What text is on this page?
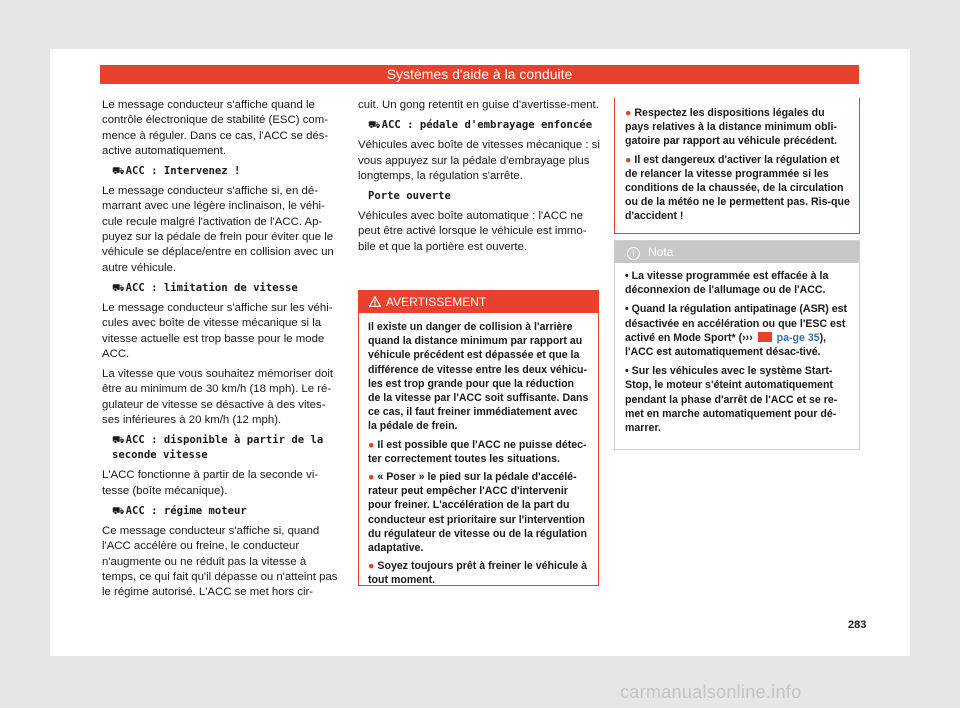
Systèmes d'aide à la conduite

Le message conducteur s'affiche quand le contrôle électronique de stabilité (ESC) com-mence à réguler. Dans ce cas, l'ACC se dés-active automatiquement.

⛟ACC : Intervenez !

Le message conducteur s'affiche si, en dé-marrant avec une légère inclinaison, le véhi-cule recule malgré l'activation de l'ACC. Ap-puyez sur la pédale de frein pour éviter que le véhicule se déplace/entre en collision avec un autre véhicule.

⛟ACC : limitation de vitesse

Le message conducteur s'affiche sur les véhi-cules avec boîte de vitesse mécanique si la vitesse actuelle est trop basse pour le mode ACC.

La vitesse que vous souhaitez mémoriser doit être au minimum de 30 km/h (18 mph). Le ré-gulateur de vitesse se désactive à des vites-ses inférieures à 20 km/h (12 mph).

⛟ACC : disponible à partir de la seconde vitesse

L'ACC fonctionne à partir de la seconde vi-tesse (boîte mécanique).

⛟ACC : régime moteur

Ce message conducteur s'affiche si, quand l'ACC accélère ou freine, le conducteur n'augmente ou ne réduit pas la vitesse à temps, ce qui fait qu'il dépasse ou n'atteint pas le régime autorisé. L'ACC se met hors cir-

cuit. Un gong retentit en guise d'avertisse-ment.

⛟ACC : pédale d'embrayage enfoncée

Véhicules avec boîte de vitesses mécanique : si vous appuyez sur la pédale d'embrayage plus longtemps, la régulation s'arrête.

Porte ouverte

Véhicules avec boîte automatique : l'ACC ne peut être activé lorsque le véhicule est immo-bile et que la portière est ouverte.

AVERTISSEMENT

Il existe un danger de collision à l'arrière quand la distance minimum par rapport au véhicule précédent est dépassée et que la différence de vitesse entre les deux véhicu-les est trop grande pour que la réduction de la vitesse par l'ACC soit suffisante. Dans ce cas, il faut freiner immédiatement avec la pédale de frein.

● Il est possible que l'ACC ne puisse détec-ter correctement toutes les situations.

● « Poser » le pied sur la pédale d'accélé-rateur peut empêcher l'ACC d'intervenir pour freiner. L'accélération de la part du conducteur est prioritaire sur l'intervention du régulateur de vitesse ou de la régulation adaptative.

● Soyez toujours prêt à freiner le véhicule à tout moment.

● Respectez les dispositions légales du pays relatives à la distance minimum obli-gatoire par rapport au véhicule précédent.

● Il est dangereux d'activer la régulation et de relancer la vitesse programmée si les conditions de la chaussée, de la circulation ou de la météo ne le permettent pas. Ris-que d'accident !

i Nota

• La vitesse programmée est effacée à la déconnexion de l'allumage ou de l'ACC.

• Quand la régulation antipatinage (ASR) est désactivée en accélération ou que l'ESC est activé en Mode Sport* (››› pa-ge 35), l'ACC est automatiquement désac-tivé.

• Sur les véhicules avec le système Start-Stop, le moteur s'éteint automatiquement pendant la phase d'arrêt de l'ACC et se re-met en marche automatiquement pour dé-marrer.

283
carmanualsonline.info
